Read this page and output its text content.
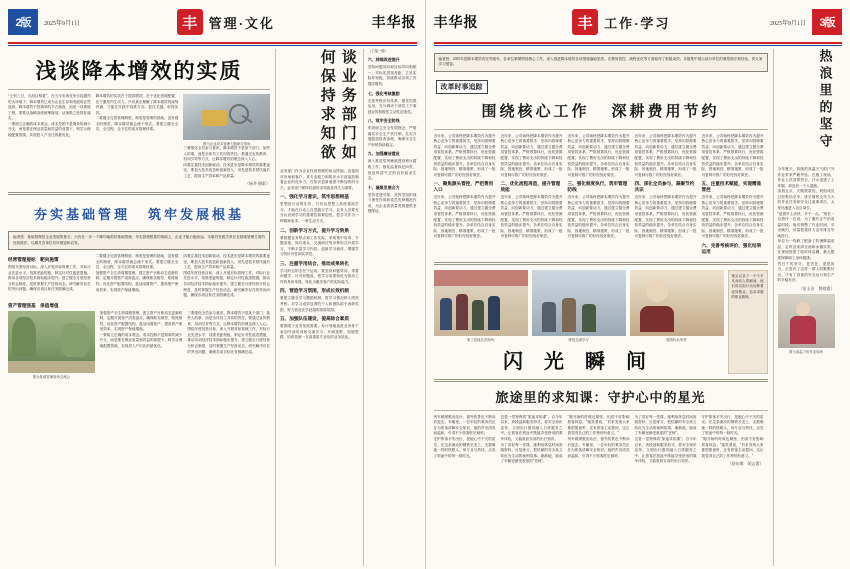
2版	2025年9月1日	丰 管理·文化	丰华报
浅谈降本增效的实质
“士别三日，当刮目相看”。在当今市场竞争日趋激烈的大环境下，降本增效已成为企业生存和发展的必然选择。降本增效不是简单的节衣缩食，而是一项系统工程，需要从战略高度统筹谋划，从细微之处抓好落实。
一要树立正确的成本观念。成本控制不是简单的减少开支，而是要在保证质量和效益的前提下，科学合理地配置资源，实现投入产出比的最优化。
降本增效的实质在于提质增效，在于优化资源配置，在于激发内生动力。只有真正理解了降本增效的深刻内涵，才能在实践中找准方向、抓住关键、取得实效。
二要健全完善管理制度。制度是管理的基础，没有健全的制度，降本增效就会流于形式。要建立健全全员、全过程、全方位的成本管理体系。
图为企业成本管理专题研讨现场
三要强化全员参与意识。降本增效不是某个部门、某些人的事，而是全体员工共同的责任。要通过宣传教育、培训引导等方式，让降本增效的理念深入人心。
四要注重技术创新驱动。技术进步是降本增效的重要途径，要加大技术改造和创新投入，用先进技术替代落后工艺，提高生产效率和产品质量。
（杨华 摄影）
夯实基础管理 筑牢发展根基
编者按：基础管理是企业发展的基石，只有在一步一个脚印地抓好基础管理、夯实管理根基的基础上，企业才能行稳致远。本版刊发相关单位在基础管理方面的经验做法，以期对各单位有所借鉴和启发。
经营管理提标　靶向施策
围绕年度经营目标，深入开展对标管理工作，对标行业先进水平，找准差距短板，制定针对性改进措施，推动各项经济技术指标稳步提升。建立健全月度经营分析会制度，及时掌握生产经营动态，研究解决存在的突出问题，确保各项目标任务圆满完成。
二要健全完善管理制度。制度是管理的基础，没有健全的制度，降本增效就会流于形式。要建立健全全员、全过程、全方位的成本管理体系。
加强资产全生命周期管理，建立资产台账动态更新机制，定期开展资产清查盘点，确保账实相符、账账相符。优化资产配置结构，盘活闲置资产，提高资产使用效率，实现资产保值增值。
四要注重技术创新驱动。技术进步是降本增效的重要途径，要加大技术改造和创新投入，用先进技术替代落后工艺，提高生产效率和产品质量。
围绕年度经营目标，深入开展对标管理工作，对标行业先进水平，找准差距短板，制定针对性改进措施，推动各项经济技术指标稳步提升。建立健全月度经营分析会制度，及时掌握生产经营动态，研究解决存在的突出问题，确保各项目标任务圆满完成。
资产管理强基　保值增值
图为基础管理现场交流会
加强资产全生命周期管理，建立资产台账动态更新机制，定期开展资产清查盘点，确保账实相符、账账相符。优化资产配置结构，盘活闲置资产，提高资产使用效率，实现资产保值增值。
一要树立正确的成本观念。成本控制不是简单的减少开支，而是要在保证质量和效益的前提下，科学合理地配置资源，实现投入产出比的最优化。
三要强化全员参与意识。降本增效不是某个部门、某些人的事，而是全体员工共同的责任。要通过宣传教育、培训引导等方式，让降本增效的理念深入人心。
围绕年度经营目标，深入开展对标管理工作，对标行业先进水平，找准差距短板，制定针对性改进措施，推动各项经济技术指标稳步提升。建立健全月度经营分析会制度，及时掌握生产经营动态，研究解决存在的突出问题，确保各项目标任务圆满完成。
谈业务部门如何保持求知欲
业务部门作为企业经营管理的前沿阵地，直接面对市场和客户，其专业能力和知识水平直接影响着企业的竞争力。在知识更新速度不断加快的今天，业务部门保持旺盛的求知欲显得尤为重要。
一、强化学习意识，筑牢思想根基
思想是行动的先导，只有从思想上高度重视学习，才能在行动上自觉践行学习。业务人员要充分认识到学习的重要性和紧迫性，把学习作为一种精神追求、一种生活方式。
二、创新学习方式，提升学习效果
要根据业务特点和工作实际，采取集中培训、专题讲座、岗位练兵、交流研讨等多种形式开展学习，不断丰富学习内容，创新学习载体，增强学习的针对性和实效性。
三、注重学用结合，推动成果转化
学习的目的全在于运用。要坚持问题导向，带着问题学、针对问题改，把学习成果转化为推动工作的具体举措，转化为服务客户的实际能力。
四、营造学习氛围，形成长效机制
要建立健全学习激励机制，将学习情况纳入绩效考核，对学习成效显著的个人和团队给予表彰奖励，努力营造比学赶超的浓厚氛围。
五、加强队伍建设，提高综合素质
要着眼于业务发展需要，有计划地选派业务骨干参加外部培训和交流学习，开阔视野、拓展思路，培养造就一支高素质专业化的业务队伍。
（上接一版）
六、持续改进提升
坚持问题导向和目标导向相统一，对标先进找差距，立足实际补短板，持续推动各项工作提质增效。
七、强化考核激励
完善考核评价体系，强化结果运用，充分调动干部员工干事创业的积极性主动性创造性。
八、筑牢安全防线
牢固树立安全发展理念，严格落实安全生产责任制，扎实开展隐患排查治理，确保安全生产形势持续稳定。
九、加强廉洁建设
深入推进党风廉政建设和反腐败工作，强化监督执纪问责，营造风清气正的良好政治生态。
十、凝聚发展合力
坚持党建引领，发挥党组织战斗堡垒作用和党员先锋模范作用，为企业高质量发展提供坚强保证。
丰华报	丰 工作·学习	2025年9月1日	3版
编者按：2025年是降本增效攻坚突破年，各单位紧紧围绕核心工作，深入推进降本增效各项措施落地见效，在费用管控、流程优化等方面取得了积极成效。本版集中展示部分单位的典型做法和经验，供大家学习借鉴。
改革时事追踪
围绕核心工作 深耕费用节约
近年来，公司始终把降本增效作为提升核心竞争力的重要抓手，坚持向管理要效益、向创新要动力，通过建立健全费用管控体系，严格预算执行，优化资源配置，实现了费用支出的持续下降和经营效益的稳步提升。各单位结合自身实际，因地制宜、精准施策，形成了一批可复制可推广的好经验好做法。
一、聚焦源头管控，严把费用入口
近年来，公司始终把降本增效作为提升核心竞争力的重要抓手，坚持向管理要效益、向创新要动力，通过建立健全费用管控体系，严格预算执行，优化资源配置，实现了费用支出的持续下降和经营效益的稳步提升。各单位结合自身实际，因地制宜、精准施策，形成了一批可复制可推广的好经验好做法。
近年来，公司始终把降本增效作为提升核心竞争力的重要抓手，坚持向管理要效益、向创新要动力，通过建立健全费用管控体系，严格预算执行，优化资源配置，实现了费用支出的持续下降和经营效益的稳步提升。各单位结合自身实际，因地制宜、精准施策，形成了一批可复制可推广的好经验好做法。
二、优化流程再造，提升管理效能
近年来，公司始终把降本增效作为提升核心竞争力的重要抓手，坚持向管理要效益、向创新要动力，通过建立健全费用管控体系，严格预算执行，优化资源配置，实现了费用支出的持续下降和经营效益的稳步提升。各单位结合自身实际，因地制宜、精准施策，形成了一批可复制可推广的好经验好做法。
近年来，公司始终把降本增效作为提升核心竞争力的重要抓手，坚持向管理要效益、向创新要动力，通过建立健全费用管控体系，严格预算执行，优化资源配置，实现了费用支出的持续下降和经营效益的稳步提升。各单位结合自身实际，因地制宜、精准施策，形成了一批可复制可推广的好经验好做法。
三、强化制度执行，筑牢管理防线
近年来，公司始终把降本增效作为提升核心竞争力的重要抓手，坚持向管理要效益、向创新要动力，通过建立健全费用管控体系，严格预算执行，优化资源配置，实现了费用支出的持续下降和经营效益的稳步提升。各单位结合自身实际，因地制宜、精准施策，形成了一批可复制可推广的好经验好做法。
近年来，公司始终把降本增效作为提升核心竞争力的重要抓手，坚持向管理要效益、向创新要动力，通过建立健全费用管控体系，严格预算执行，优化资源配置，实现了费用支出的持续下降和经营效益的稳步提升。各单位结合自身实际，因地制宜、精准施策，形成了一批可复制可推广的好经验好做法。
四、深化全员参与，凝聚节约共识
近年来，公司始终把降本增效作为提升核心竞争力的重要抓手，坚持向管理要效益、向创新要动力，通过建立健全费用管控体系，严格预算执行，优化资源配置，实现了费用支出的持续下降和经营效益的稳步提升。各单位结合自身实际，因地制宜、精准施策，形成了一批可复制可推广的好经验好做法。
近年来，公司始终把降本增效作为提升核心竞争力的重要抓手，坚持向管理要效益、向创新要动力，通过建立健全费用管控体系，严格预算执行，优化资源配置，实现了费用支出的持续下降和经营效益的稳步提升。各单位结合自身实际，因地制宜、精准施策，形成了一批可复制可推广的好经验好做法。
五、注重技术赋能，实现精准管控
近年来，公司始终把降本增效作为提升核心竞争力的重要抓手，坚持向管理要效益、向创新要动力，通过建立健全费用管控体系，严格预算执行，优化资源配置，实现了费用支出的持续下降和经营效益的稳步提升。各单位结合自身实际，因地制宜、精准施策，形成了一批可复制可推广的好经验好做法。
六、完善考核评价，强化结果运用
职工技能比武现场	班组交流学习	服务标兵风采
闪 光 瞬 间
镜头记录下一个个平凡而动人的瞬间，他们用实际行动诠释着爱岗敬业、追求卓越的职业精神。
旅途里的求知课：守护心中的星光
列车缓缓驶出站台，窗外的景色不断向后退去。车厢里，一位年轻的乘务员正在为旅客讲解安全知识，她的声音清亮而温和，引得不少旅客驻足倾听。
守护旅客平安出行，是她心中不灭的星光。在这条流动的钢铁长龙上，无数像她一样的铁路人，用专业与热忱，点亮了旅途中的每一段时光。
这是一堂特殊的"旅途求知课"。自今年以来，该段创新服务形式，将安全知识宣传、文明出行倡导融入日常服务之中，让旅客在旅途中既能享受舒适的乘车体验，又能收获实用的出行知识。
为了讲好每一堂课，她利用休息时间查阅资料、反复练习，把枯燥的安全条文转化为生动的案例故事。渐渐地，她成了车厢里最受欢迎的"老师"。
"刚开始的时候也紧张，怕讲不好影响旅客休息。"她笑着说，"后来发现大家都很愿意听，还有旅客主动提问，这让我觉得自己的工作特别有意义。"
列车缓缓驶出站台，窗外的景色不断向后退去。车厢里，一位年轻的乘务员正在为旅客讲解安全知识，她的声音清亮而温和，引得不少旅客驻足倾听。
为了讲好每一堂课，她利用休息时间查阅资料、反复练习，把枯燥的安全条文转化为生动的案例故事。渐渐地，她成了车厢里最受欢迎的"老师"。
这是一堂特殊的"旅途求知课"。自今年以来，该段创新服务形式，将安全知识宣传、文明出行倡导融入日常服务之中，让旅客在旅途中既能享受舒适的乘车体验，又能收获实用的出行知识。
守护旅客平安出行，是她心中不灭的星光。在这条流动的钢铁长龙上，无数像她一样的铁路人，用专业与热忱，点亮了旅途中的每一段时光。
"刚开始的时候也紧张，怕讲不好影响旅客休息。"她笑着说，"后来发现大家都很愿意听，还有旅客主动提问，这让我觉得自己的工作特别有意义。"
（舒东娜　胡志霞）
热浪里的坚守
今年夏天，持续的高温天气给户外作业带来严峻考验。在施工现场，作业人员顶着烈日，汗水浸透了工作服，却没有一个人退缩。
清晨五点，天刚蒙蒙亮，班组成员已经集结完毕。班长简短交代当天的作业任务和安全注意事项后，大家迅速进入各自岗位。
"趁着早上凉快，多干一点。"班长一边擦汗一边说。为了避开正午的高温时段，他们调整了作业时间，早出晚归，尽量把重体力活安排在早晚进行。
单位为一线职工配备了防暑降温用品，定时送来绿豆汤和冰镇饮料，在现场搭建了临时休息棚，最大限度保障职工身体健康。
烈日下的坚守，是责任，更是担当。正是有了这样一群人的默默付出，才有了设备的安全运行和生产的平稳有序。
（张玉洁　曾晓霞）
图为高温下的作业现场
